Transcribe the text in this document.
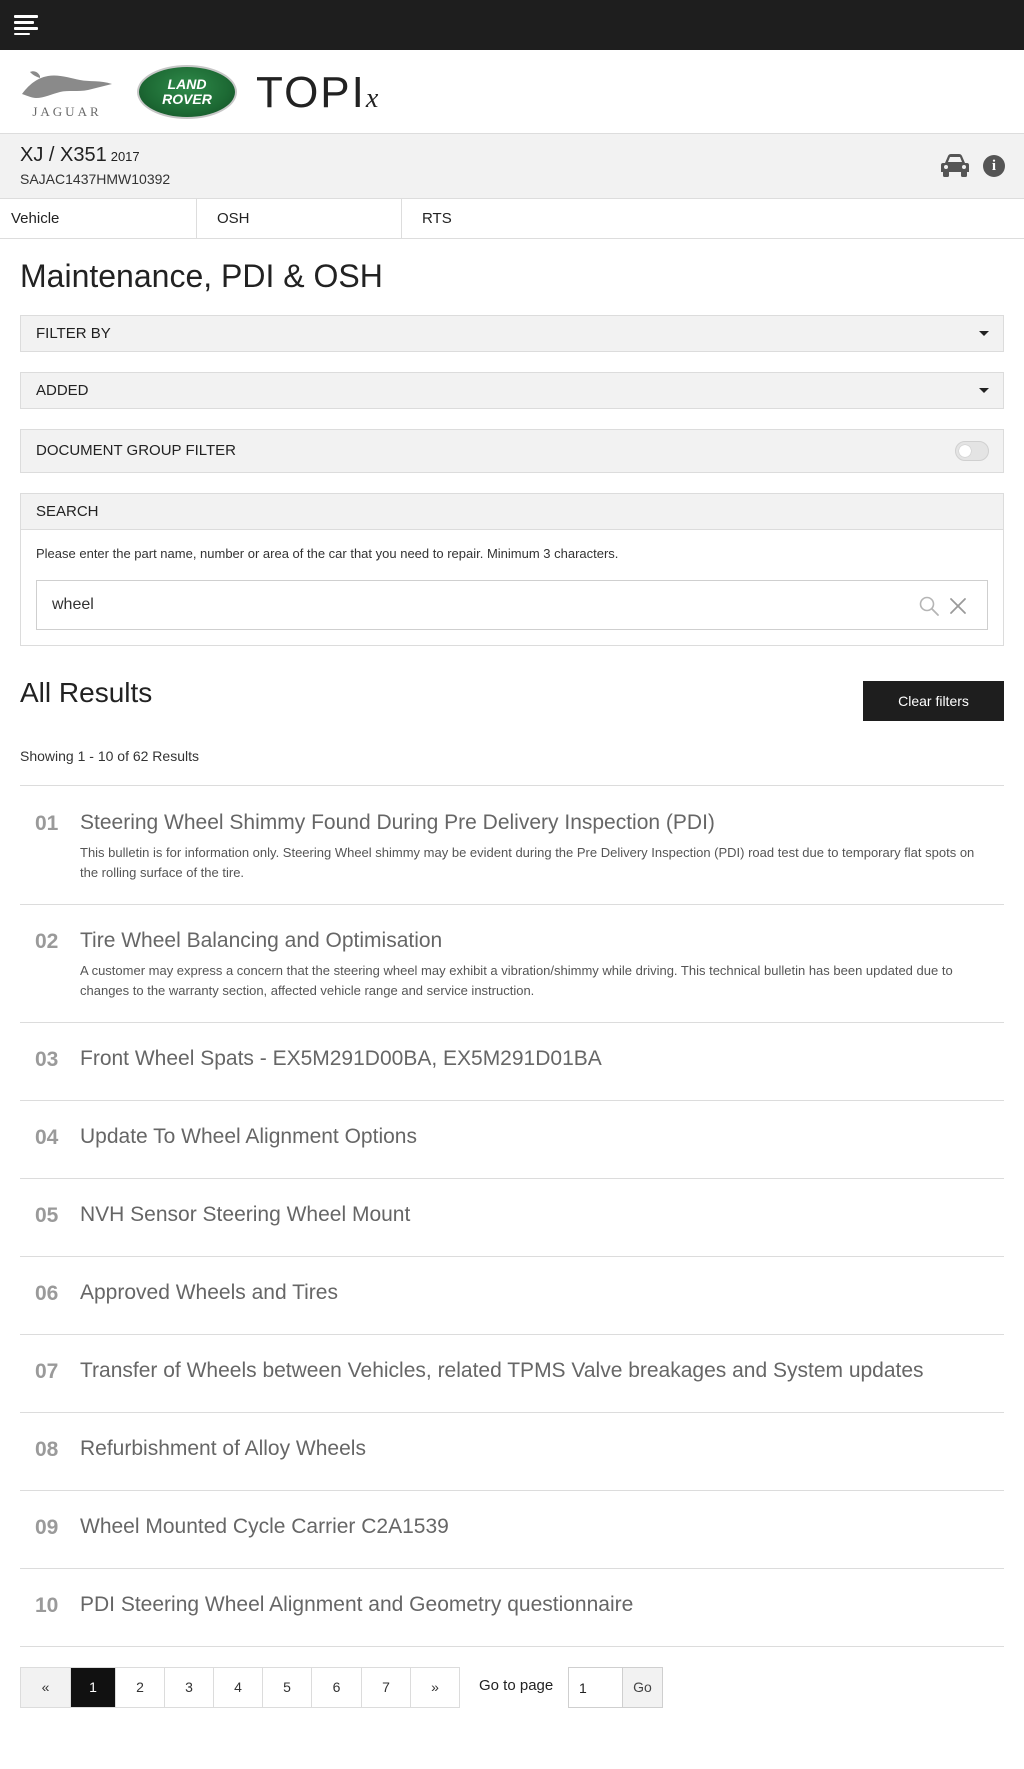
JAGUAR
LAND
ROVER	TOPIx
XJ / X351 2017
SAJAC1437HMW10392
i
Vehicle	OSH	RTS
Maintenance, PDI & OSH
FILTER BY
ADDED
DOCUMENT GROUP FILTER
SEARCH
Please enter the part name, number or area of the car that you need to repair. Minimum 3 characters.
wheel
All Results	Clear filters
Showing 1 - 10 of 62 Results
01 Steering Wheel Shimmy Found During Pre Delivery Inspection (PDI)
This bulletin is for information only. Steering Wheel shimmy may be evident during the Pre Delivery Inspection (PDI) road test due to temporary flat spots on the rolling surface of the tire.
02 Tire Wheel Balancing and Optimisation
A customer may express a concern that the steering wheel may exhibit a vibration/shimmy while driving. This technical bulletin has been updated due to changes to the warranty section, affected vehicle range and service instruction.
03 Front Wheel Spats - EX5M291D00BA, EX5M291D01BA
04 Update To Wheel Alignment Options
05 NVH Sensor Steering Wheel Mount
06 Approved Wheels and Tires
07 Transfer of Wheels between Vehicles, related TPMS Valve breakages and System updates
08 Refurbishment of Alloy Wheels
09 Wheel Mounted Cycle Carrier C2A1539
10 PDI Steering Wheel Alignment and Geometry questionnaire
«	1	2	3	4	5	6	7	»	Go to page
1	Go
